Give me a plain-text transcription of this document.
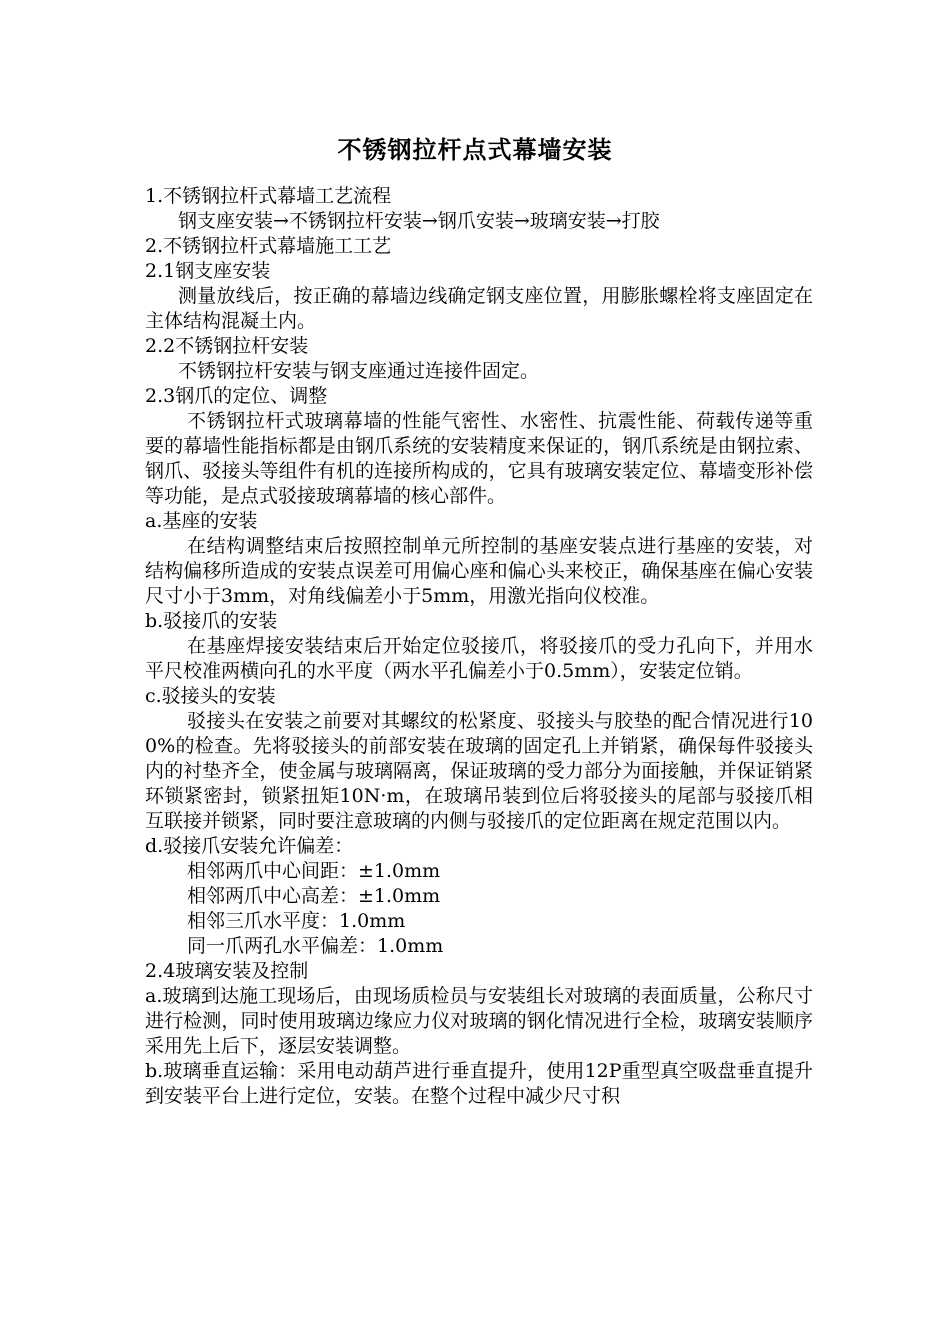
不锈钢拉杆点式幕墙安装

1.不锈钢拉杆式幕墙工艺流程

钢支座安装→不锈钢拉杆安装→钢爪安装→玻璃安装→打胶

2.不锈钢拉杆式幕墙施工工艺

2.1钢支座安装

测量放线后，按正确的幕墙边线确定钢支座位置，用膨胀螺栓将支座固定在主体结构混凝土内。

2.2不锈钢拉杆安装

不锈钢拉杆安装与钢支座通过连接件固定。

2.3钢爪的定位、调整

不锈钢拉杆式玻璃幕墙的性能气密性、水密性、抗震性能、荷载传递等重要的幕墙性能指标都是由钢爪系统的安装精度来保证的，钢爪系统是由钢拉索、钢爪、驳接头等组件有机的连接所构成的，它具有玻璃安装定位、幕墙变形补偿等功能，是点式驳接玻璃幕墙的核心部件。

a.基座的安装

在结构调整结束后按照控制单元所控制的基座安装点进行基座的安装，对结构偏移所造成的安装点误差可用偏心座和偏心头来校正，确保基座在偏心安装尺寸小于3mm，对角线偏差小于5mm，用激光指向仪校准。

b.驳接爪的安装

在基座焊接安装结束后开始定位驳接爪，将驳接爪的受力孔向下，并用水平尺校准两横向孔的水平度（两水平孔偏差小于0.5mm），安装定位销。

c.驳接头的安装

驳接头在安装之前要对其螺纹的松紧度、驳接头与胶垫的配合情况进行100%的检查。先将驳接头的前部安装在玻璃的固定孔上并销紧，确保每件驳接头内的衬垫齐全，使金属与玻璃隔离，保证玻璃的受力部分为面接触，并保证销紧环锁紧密封，锁紧扭矩10N·m，在玻璃吊装到位后将驳接头的尾部与驳接爪相互联接并锁紧，同时要注意玻璃的内侧与驳接爪的定位距离在规定范围以内。

d.驳接爪安装允许偏差：

相邻两爪中心间距：±1.0mm

相邻两爪中心高差：±1.0mm

相邻三爪水平度：1.0mm

同一爪两孔水平偏差：1.0mm

2.4玻璃安装及控制

a.玻璃到达施工现场后，由现场质检员与安装组长对玻璃的表面质量，公称尺寸进行检测，同时使用玻璃边缘应力仪对玻璃的钢化情况进行全检，玻璃安装顺序采用先上后下，逐层安装调整。

b.玻璃垂直运输：采用电动葫芦进行垂直提升，使用12P重型真空吸盘垂直提升到安装平台上进行定位，安装。在整个过程中减少尺寸积
